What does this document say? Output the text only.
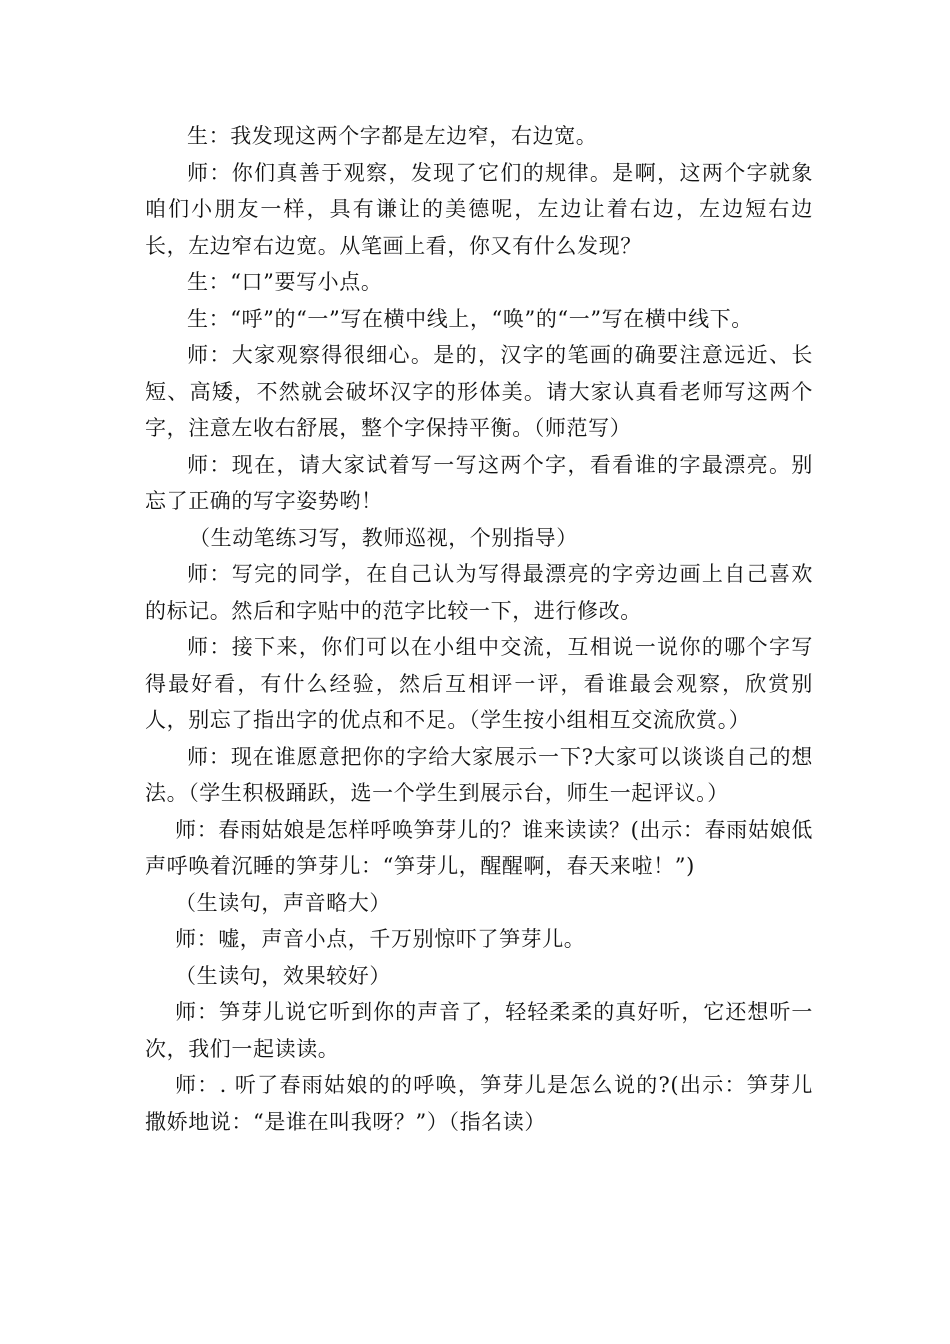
生：我发现这两个字都是左边窄，右边宽。

师：你们真善于观察，发现了它们的规律。是啊，这两个字就象咱们小朋友一样，具有谦让的美德呢，左边让着右边，左边短右边长，左边窄右边宽。从笔画上看，你又有什么发现？

生：“口”要写小点。

生：“呼”的“一”写在横中线上，“唤”的“一”写在横中线下。

师：大家观察得很细心。是的，汉字的笔画的确要注意远近、长短、高矮，不然就会破坏汉字的形体美。请大家认真看老师写这两个字，注意左收右舒展，整个字保持平衡。（师范写）

师：现在，请大家试着写一写这两个字，看看谁的字最漂亮。别忘了正确的写字姿势哟！

（生动笔练习写，教师巡视，个别指导）

师：写完的同学，在自己认为写得最漂亮的字旁边画上自己喜欢的标记。然后和字贴中的范字比较一下，进行修改。

师：接下来，你们可以在小组中交流，互相说一说你的哪个字写得最好看，有什么经验，然后互相评一评，看谁最会观察，欣赏别人，别忘了指出字的优点和不足。（学生按小组相互交流欣赏。）

师：现在谁愿意把你的字给大家展示一下?大家可以谈谈自己的想法。（学生积极踊跃，选一个学生到展示台，师生一起评议。）

师：春雨姑娘是怎样呼唤笋芽儿的？谁来读读？(出示：春雨姑娘低声呼唤着沉睡的笋芽儿：“笋芽儿，醒醒啊，春天来啦！”)

（生读句，声音略大）

师：嘘，声音小点，千万别惊吓了笋芽儿。

（生读句，效果较好）

师：笋芽儿说它听到你的声音了，轻轻柔柔的真好听，它还想听一次，我们一起读读。

师：. 听了春雨姑娘的的呼唤，笋芽儿是怎么说的?(出示：笋芽儿撒娇地说：“是谁在叫我呀？”）（指名读）
